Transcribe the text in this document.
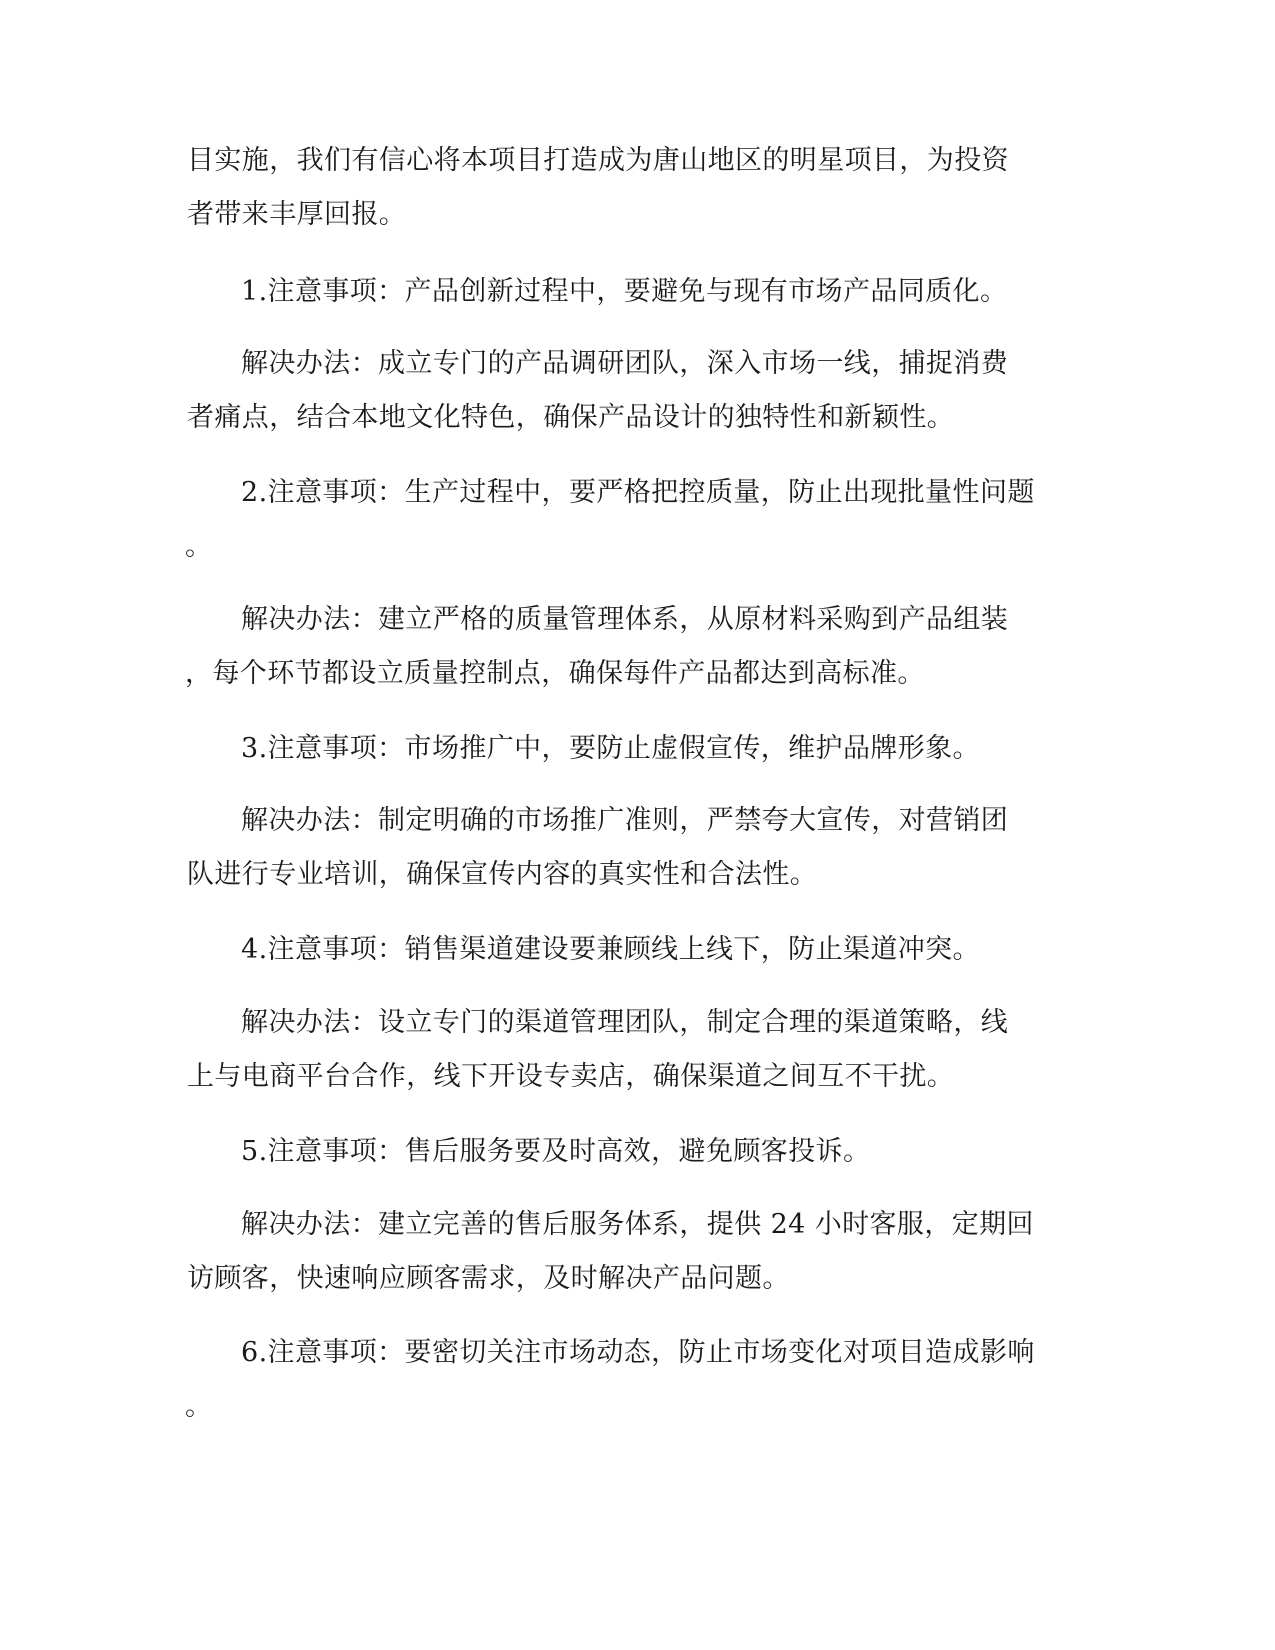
目实施，我们有信心将本项目打造成为唐山地区的明星项目，为投资
者带来丰厚回报。
1.注意事项：产品创新过程中，要避免与现有市场产品同质化。
解决办法：成立专门的产品调研团队，深入市场一线，捕捉消费
者痛点，结合本地文化特色，确保产品设计的独特性和新颖性。
2.注意事项：生产过程中，要严格把控质量，防止出现批量性问题
。
解决办法：建立严格的质量管理体系，从原材料采购到产品组装
，每个环节都设立质量控制点，确保每件产品都达到高标准。
3.注意事项：市场推广中，要防止虚假宣传，维护品牌形象。
解决办法：制定明确的市场推广准则，严禁夸大宣传，对营销团
队进行专业培训，确保宣传内容的真实性和合法性。
4.注意事项：销售渠道建设要兼顾线上线下，防止渠道冲突。
解决办法：设立专门的渠道管理团队，制定合理的渠道策略，线
上与电商平台合作，线下开设专卖店，确保渠道之间互不干扰。
5.注意事项：售后服务要及时高效，避免顾客投诉。
解决办法：建立完善的售后服务体系，提供 24 小时客服，定期回
访顾客，快速响应顾客需求，及时解决产品问题。
6.注意事项：要密切关注市场动态，防止市场变化对项目造成影响
。
